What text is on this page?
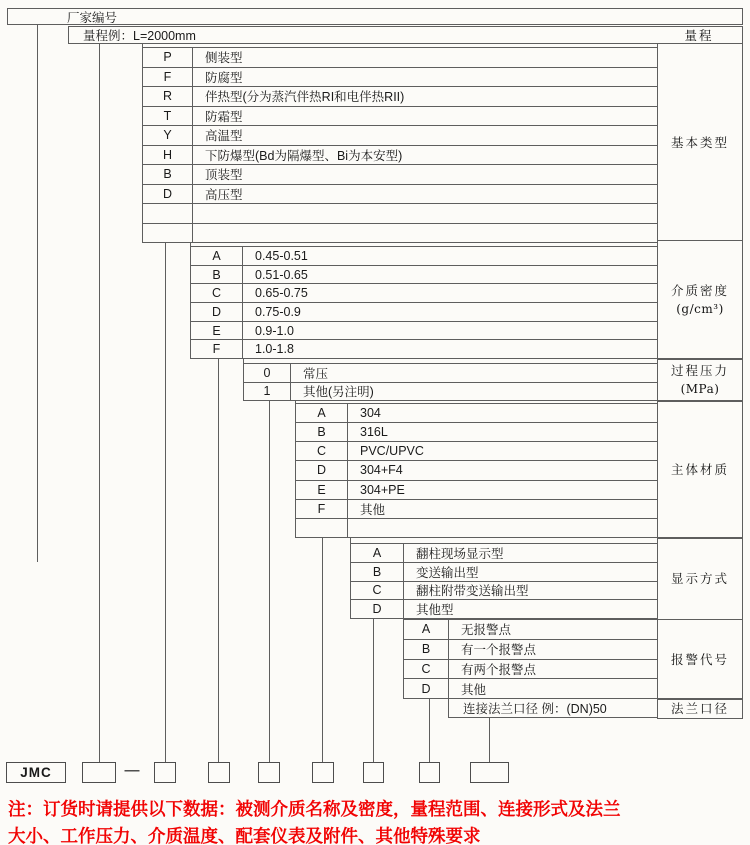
厂家编号
量程例：L=2000mm	量程
P	侧装型
F	防腐型
R	伴热型(分为蒸汽伴热RI和电伴热RII)
T	防霜型
Y	高温型
H	下防爆型(Bd为隔爆型、Bi为本安型)
B	顶装型
D	高压型
A	0.45-0.51
B	0.51-0.65
C	0.65-0.75
D	0.75-0.9
E	0.9-1.0
F	1.0-1.8
0	常压
1	其他(另注明)
A	304
B	316L
C	PVC/UPVC
D	304+F4
E	304+PE
F	其他
A	翻柱现场显示型
B	变送输出型
C	翻柱附带变送输出型
D	其他型
A	无报警点
B	有一个报警点
C	有两个报警点
D	其他
连接法兰口径 例：(DN)50
基本类型
介质密度
(g/cm³)
过程压力
(MPa)
主体材质
显示方式
报警代号
法兰口径
JMC	—
注：订货时请提供以下数据：被测介质名称及密度，量程范围、连接形式及法兰
大小、工作压力、介质温度、配套仪表及附件、其他特殊要求
